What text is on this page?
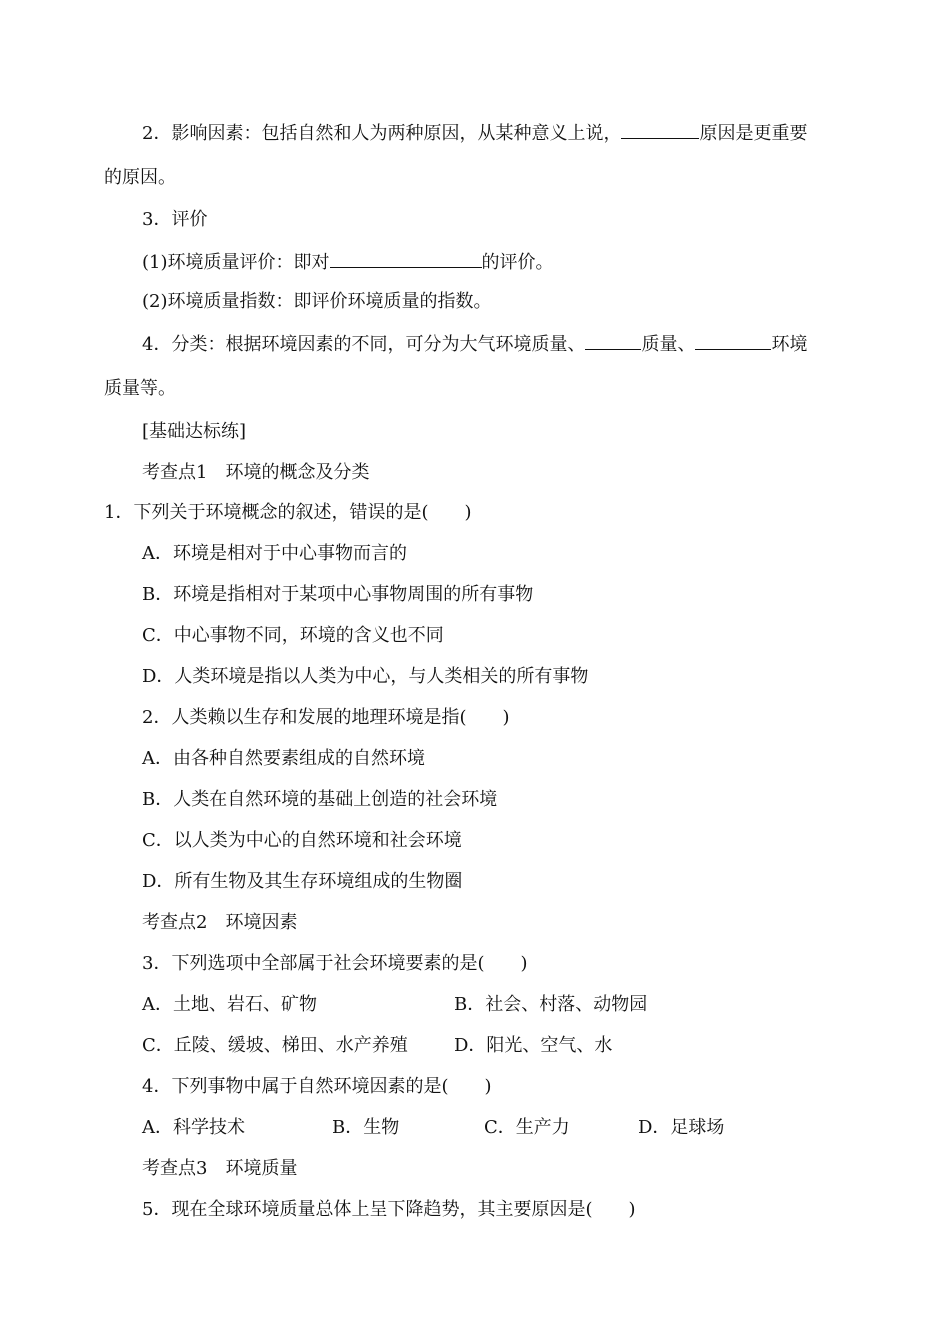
2．影响因素：包括自然和人为两种原因，从某种意义上说，	原因是更重要
的原因。
3．评价
(1)环境质量评价：即对	的评价。
(2)环境质量指数：即评价环境质量的指数。
4．分类：根据环境因素的不同，可分为大气环境质量、	质量、	环境
质量等。
[基础达标练]
考查点1　环境的概念及分类
1．下列关于环境概念的叙述，错误的是(　　)
A．环境是相对于中心事物而言的
B．环境是指相对于某项中心事物周围的所有事物
C．中心事物不同，环境的含义也不同
D．人类环境是指以人类为中心，与人类相关的所有事物
2．人类赖以生存和发展的地理环境是指(　　)
A．由各种自然要素组成的自然环境
B．人类在自然环境的基础上创造的社会环境
C．以人类为中心的自然环境和社会环境
D．所有生物及其生存环境组成的生物圈
考查点2　环境因素
3．下列选项中全部属于社会环境要素的是(　　)
A．土地、岩石、矿物	B．社会、村落、动物园
C．丘陵、缓坡、梯田、水产养殖	D．阳光、空气、水
4．下列事物中属于自然环境因素的是(　　)
A．科学技术	B．生物	C．生产力	D．足球场
考查点3　环境质量
5．现在全球环境质量总体上呈下降趋势，其主要原因是(　　)
